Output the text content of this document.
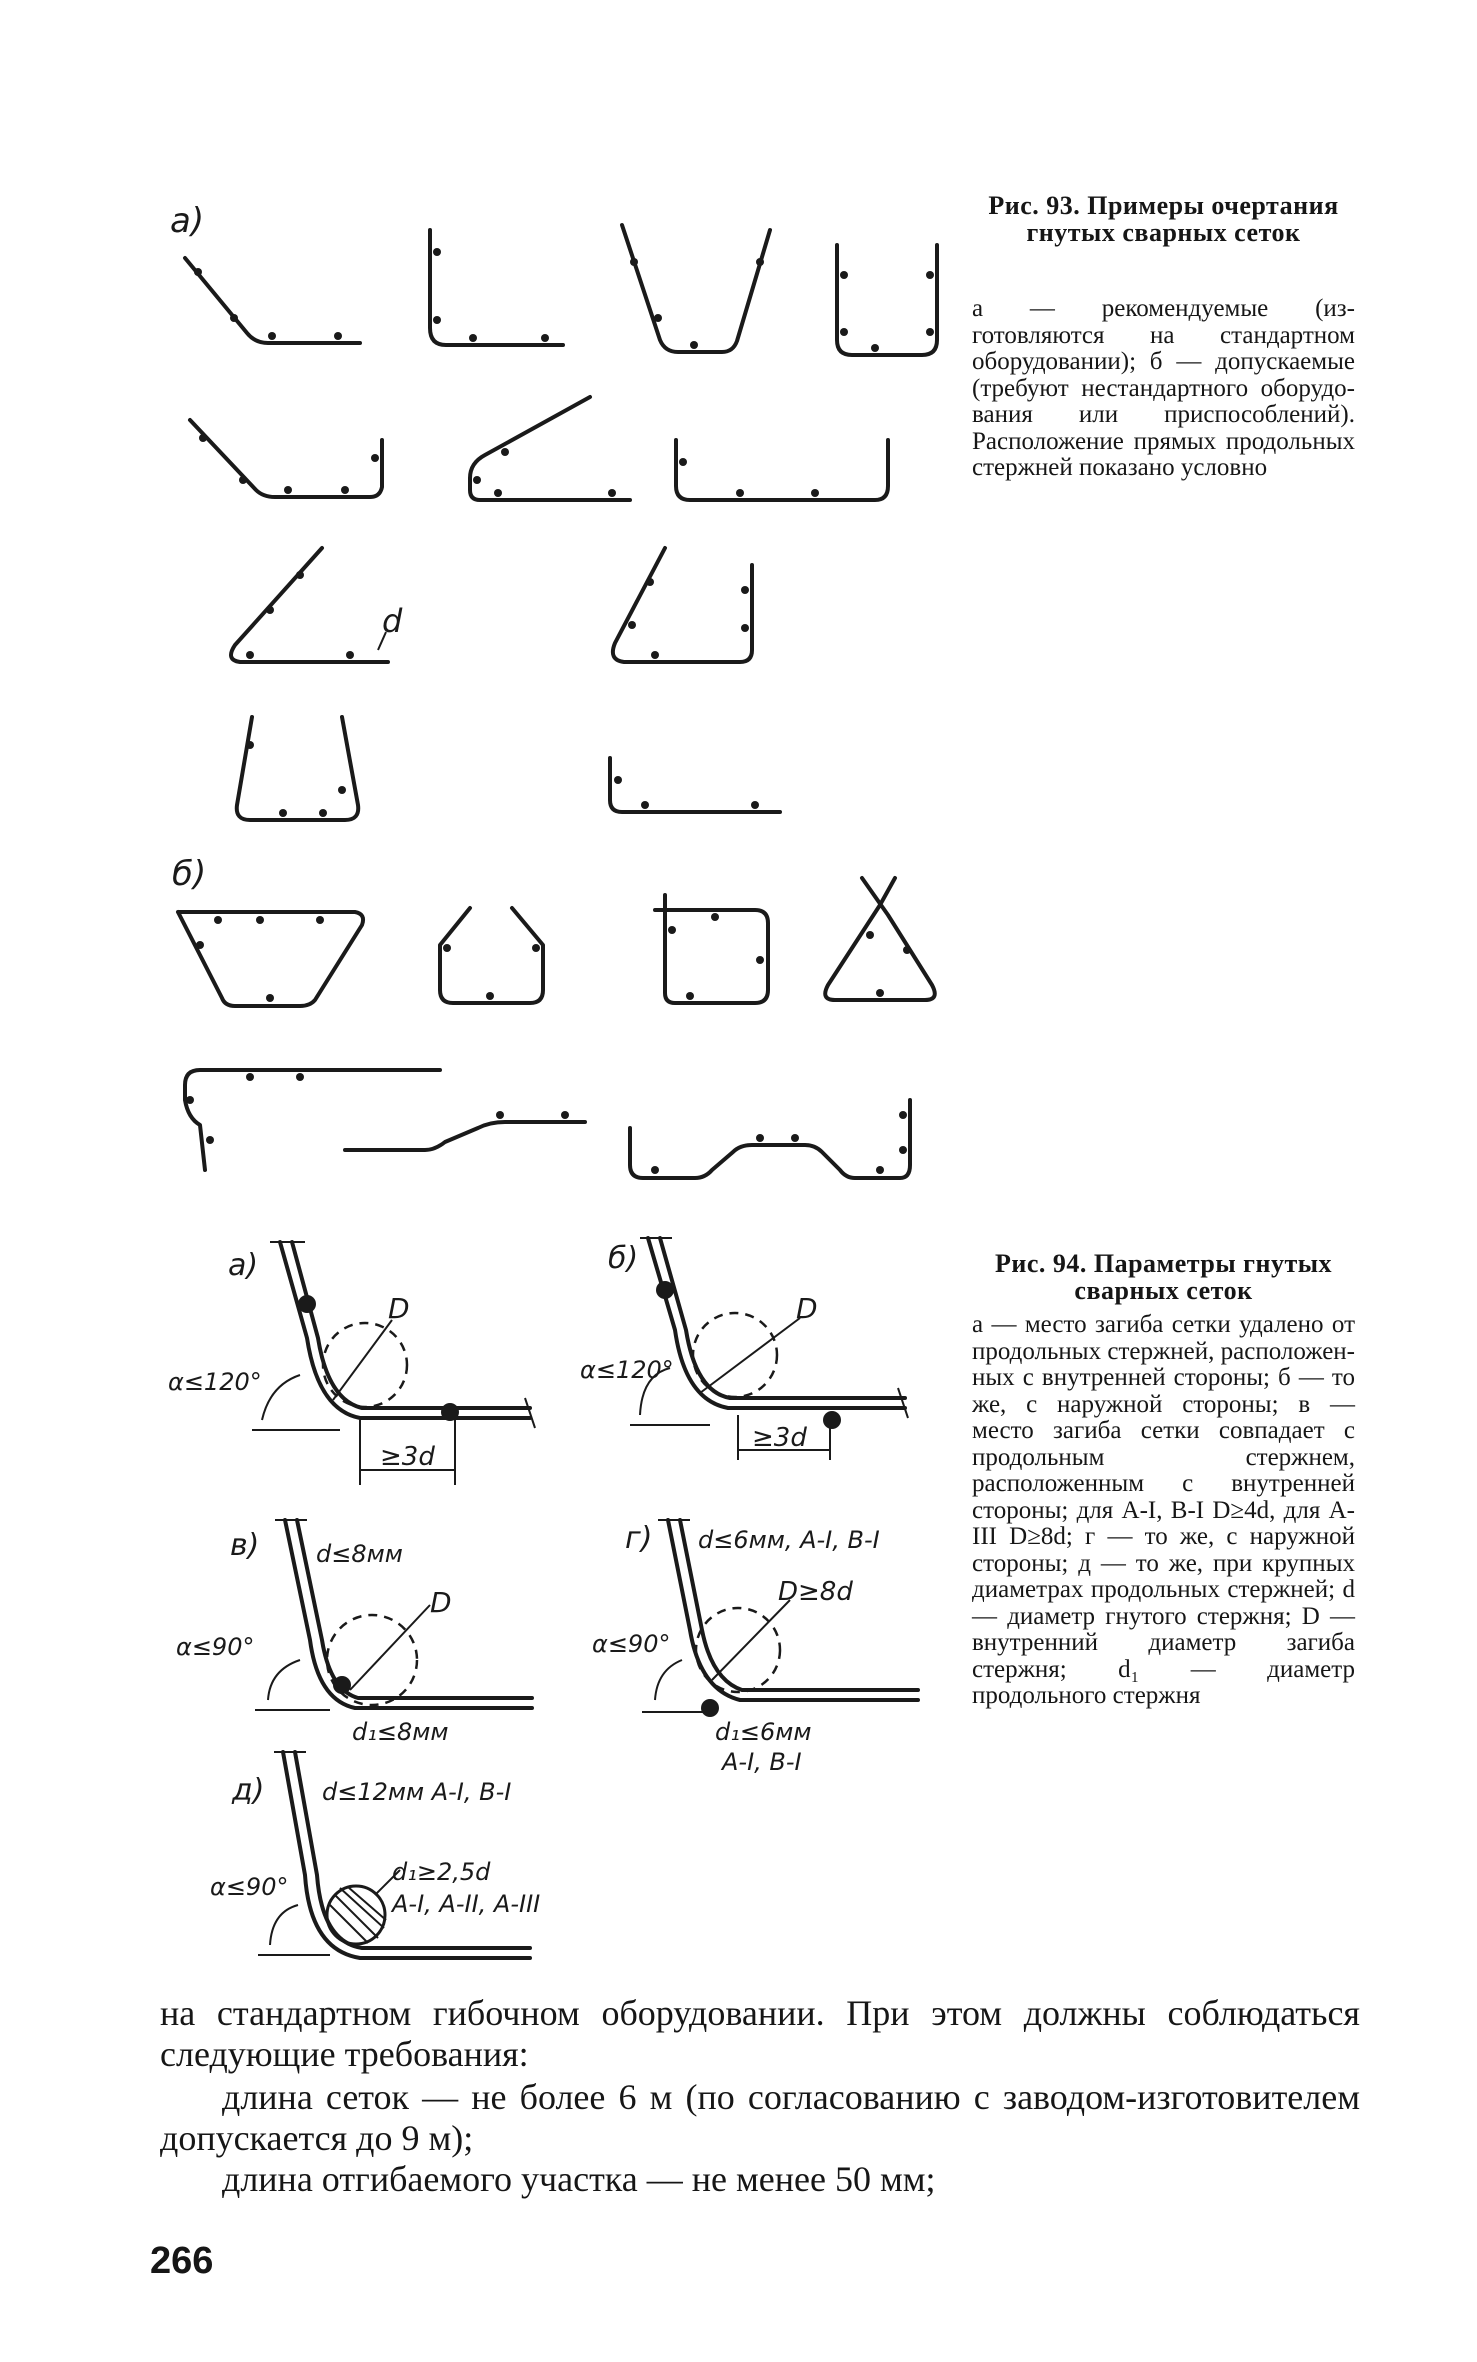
а)
d
б)
Рис. 93. Примеры очертания гнутых сварных сеток
а — рекомендуемые (изготовляются на стандартном оборудовании); б — допускаемые (требуют нестандартного оборудования или приспособлений). Расположение прямых продольных стержней показано условно
а)
D
α≤120°
≥3d
б)
D
α≤120°
≥3d
в) d≤8мм
D
α≤90°
d₁≤8мм
г) d≤6мм, А-I, В-I
D≥8d
α≤90°
d₁≤6мм
А-I, В-I
д) d≤12мм А-I, В-I
d₁≥2,5d
А-I, А-II, А-III
α≤90°
Рис. 94. Параметры гнутых сварных сеток
а — место загиба сетки удалено от продольных стержней, расположенных с внутренней стороны; б — то же, с наружной стороны; в — место загиба сетки совпадает с продольным стержнем, расположенным с внутренней стороны; для A-I, B-I D≥4d, для A-III D≥8d; г — то же, с наружной стороны; д — то же, при крупных диаметрах продольных стержней; d — диаметр гнутого стержня; D — внутренний диаметр загиба стержня; d₁ — диаметр продольного стержня
на стандартном гибочном оборудовании. При этом должны соблюдаться следующие требования:
длина сеток — не более 6 м (по согласованию с заводом-изготовителем допускается до 9 м);
длина отгибаемого участка — не менее 50 мм;
266
